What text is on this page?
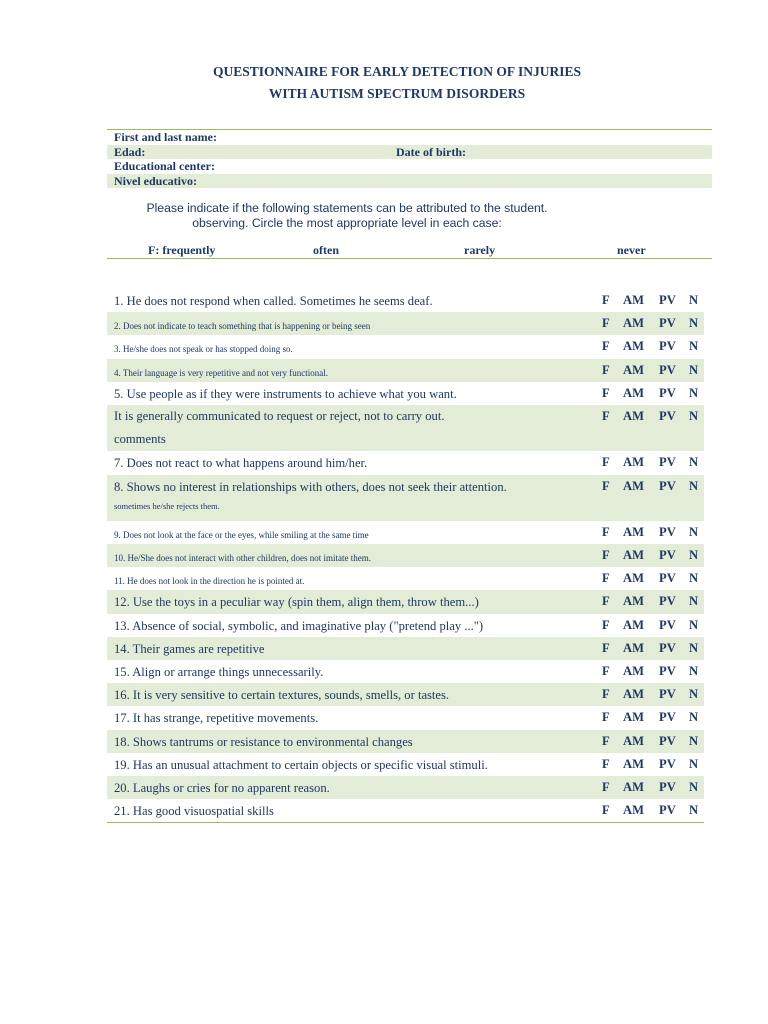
QUESTIONNAIRE FOR EARLY DETECTION OF INJURIES
WITH AUTISM SPECTRUM DISORDERS
First and last name:
Edad:	Date of birth:
Educational center:
Nivel educativo:
Please indicate if the following statements can be attributed to the student.
observing. Circle the most appropriate level in each case:
F: frequently	often	rarely	never
1. He does not respond when called. Sometimes he seems deaf.	F AM PV N
2. Does not indicate to teach something that is happening or being seen	F AM PV N
3. He/she does not speak or has stopped doing so.	F AM PV N
4. Their language is very repetitive and not very functional.	F AM PV N
5. Use people as if they were instruments to achieve what you want.	F AM PV N
It is generally communicated to request or reject, not to carry out.
comments
F AM PV N
7. Does not react to what happens around him/her.	F AM PV N
8. Shows no interest in relationships with others, does not seek their attention.
sometimes he/she rejects them.
F AM PV N
9. Does not look at the face or the eyes, while smiling at the same time	F AM PV N
10. He/She does not interact with other children, does not imitate them.	F AM PV N
11. He does not look in the direction he is pointed at.	F AM PV N
12. Use the toys in a peculiar way (spin them, align them, throw them...)	F AM PV N
13. Absence of social, symbolic, and imaginative play ("pretend play ...")	F AM PV N
14. Their games are repetitive	F AM PV N
15. Align or arrange things unnecessarily.	F AM PV N
16. It is very sensitive to certain textures, sounds, smells, or tastes.	F AM PV N
17. It has strange, repetitive movements.	F AM PV N
18. Shows tantrums or resistance to environmental changes	F AM PV N
19. Has an unusual attachment to certain objects or specific visual stimuli.	F AM PV N
20. Laughs or cries for no apparent reason.	F AM PV N
21. Has good visuospatial skills	F AM PV N
